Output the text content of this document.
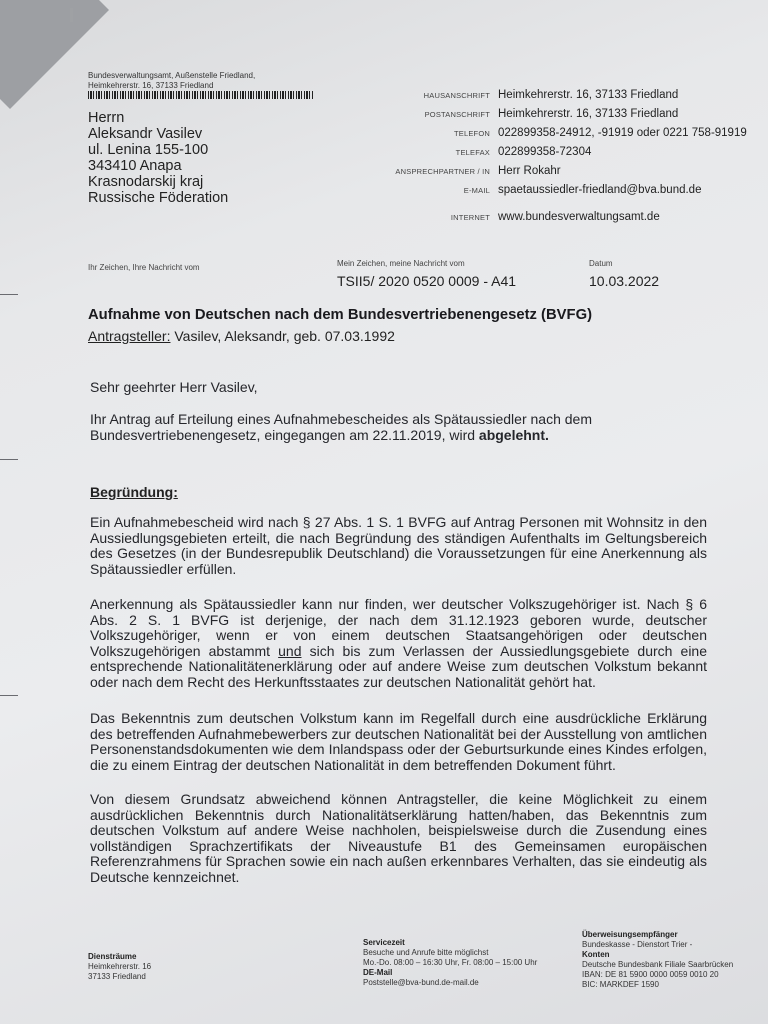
Bundesverwaltungsamt, Außenstelle Friedland,
Heimkehrerstr. 16, 37133 Friedland
Herrn
Aleksandr Vasilev
ul. Lenina 155-100
343410 Anapa
Krasnodarskij kraj
Russische Föderation
HAUSANSCHRIFT Heimkehrerstr. 16, 37133 Friedland
POSTANSCHRIFT Heimkehrerstr. 16, 37133 Friedland
TELEFON 022899358-24912, -91919 oder 0221 758-91919
TELEFAX 022899358-72304
ANSPRECHPARTNER / IN Herr Rokahr
E-MAIL spaetaussiedler-friedland@bva.bund.de
INTERNET www.bundesverwaltungsamt.de
Ihr Zeichen, Ihre Nachricht vom	Mein Zeichen, meine Nachricht vom
TSII5/ 2020 0520 0009 - A41
Datum
10.03.2022
Aufnahme von Deutschen nach dem Bundesvertriebenengesetz (BVFG)
Antragsteller: Vasilev, Aleksandr, geb. 07.03.1992

Sehr geehrter Herr Vasilev,

Ihr Antrag auf Erteilung eines Aufnahmebescheides als Spätaussiedler nach dem Bundesvertriebenengesetz, eingegangen am 22.11.2019, wird abgelehnt.

Begründung:

Ein Aufnahmebescheid wird nach § 27 Abs. 1 S. 1 BVFG auf Antrag Personen mit Wohnsitz in den Aussiedlungsgebieten erteilt, die nach Begründung des ständigen Aufenthalts im Geltungsbereich des Gesetzes (in der Bundesrepublik Deutschland) die Voraussetzungen für eine Anerkennung als Spätaussiedler erfüllen.

Anerkennung als Spätaussiedler kann nur finden, wer deutscher Volkszugehöriger ist. Nach § 6 Abs. 2 S. 1 BVFG ist derjenige, der nach dem 31.12.1923 geboren wurde, deutscher Volkszugehöriger, wenn er von einem deutschen Staatsangehörigen oder deutschen Volkszugehörigen abstammt und sich bis zum Verlassen der Aussiedlungsgebiete durch eine entsprechende Nationalitätenerklärung oder auf andere Weise zum deutschen Volkstum bekannt oder nach dem Recht des Herkunftsstaates zur deutschen Nationalität gehört hat.

Das Bekenntnis zum deutschen Volkstum kann im Regelfall durch eine ausdrückliche Erklärung des betreffenden Aufnahmebewerbers zur deutschen Nationalität bei der Ausstellung von amtlichen Personenstandsdokumenten wie dem Inlandspass oder der Geburtsurkunde eines Kindes erfolgen, die zu einem Eintrag der deutschen Nationalität in dem betreffenden Dokument führt.

Von diesem Grundsatz abweichend können Antragsteller, die keine Möglichkeit zu einem ausdrücklichen Bekenntnis durch Nationalitätserklärung hatten/haben, das Bekenntnis zum deutschen Volkstum auf andere Weise nachholen, beispielsweise durch die Zusendung eines vollständigen Sprachzertifikats der Niveaustufe B1 des Gemeinsamen europäischen Referenzrahmens für Sprachen sowie ein nach außen erkennbares Verhalten, das sie eindeutig als Deutsche kennzeichnet.

Diensträume
Heimkehrerstr. 16
37133 Friedland
Servicezeit
Besuche und Anrufe bitte möglichst
Mo.-Do. 08:00 – 16:30 Uhr, Fr. 08:00 – 15:00 Uhr
DE-Mail
Poststelle@bva-bund.de-mail.de
Überweisungsempfänger
Bundeskasse - Dienstort Trier -
Konten
Deutsche Bundesbank Filiale Saarbrücken
IBAN: DE 81 5900 0000 0059 0010 20
BIC: MARKDEF 1590
